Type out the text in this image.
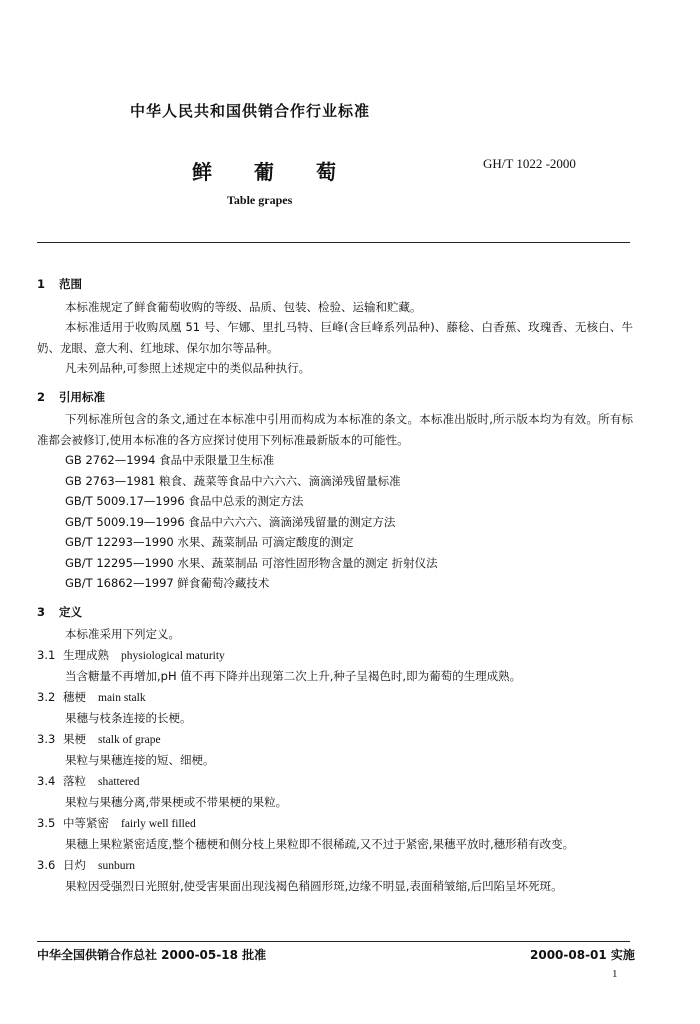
中华人民共和国供销合作行业标准
鲜葡萄	GH/T 1022 -2000
Table grapes
1 范围
本标准规定了鲜食葡萄收购的等级、品质、包装、检验、运输和贮藏。
本标准适用于收购凤凰 51 号、乍娜、里扎马特、巨峰(含巨峰系列品种)、藤稔、白香蕉、玫瑰香、无核白、牛奶、龙眼、意大利、红地球、保尔加尔等品种。
凡未列品种,可参照上述规定中的类似品种执行。
2 引用标准
下列标准所包含的条文,通过在本标准中引用而构成为本标准的条文。本标准出版时,所示版本均为有效。所有标准都会被修订,使用本标准的各方应探讨使用下列标准最新版本的可能性。
GB 2762—1994 食品中汞限量卫生标准
GB 2763—1981 粮食、蔬菜等食品中六六六、滴滴涕残留量标准
GB/T 5009.17—1996 食品中总汞的测定方法
GB/T 5009.19—1996 食品中六六六、滴滴涕残留量的测定方法
GB/T 12293—1990 水果、蔬菜制品 可滴定酸度的测定
GB/T 12295—1990 水果、蔬菜制品 可溶性固形物含量的测定 折射仪法
GB/T 16862—1997 鲜食葡萄冷藏技术
3 定义
本标准采用下列定义。
3.1 生理成熟 physiological maturity
当含糖量不再增加,pH 值不再下降并出现第二次上升,种子呈褐色时,即为葡萄的生理成熟。
3.2 穗梗 main stalk
果穗与枝条连接的长梗。
3.3 果梗 stalk of grape
果粒与果穗连接的短、细梗。
3.4 落粒 shattered
果粒与果穗分离,带果梗或不带果梗的果粒。
3.5 中等紧密 fairly well filled
果穗上果粒紧密适度,整个穗梗和侧分枝上果粒即不很稀疏,又不过于紧密,果穗平放时,穗形稍有改变。
3.6 日灼 sunburn
果粒因受强烈日光照射,使受害果面出现浅褐色稍圆形斑,边缘不明显,表面稍皱缩,后凹陷呈坏死斑。
中华全国供销合作总社 2000-05-18 批准	2000-08-01 实施
1
